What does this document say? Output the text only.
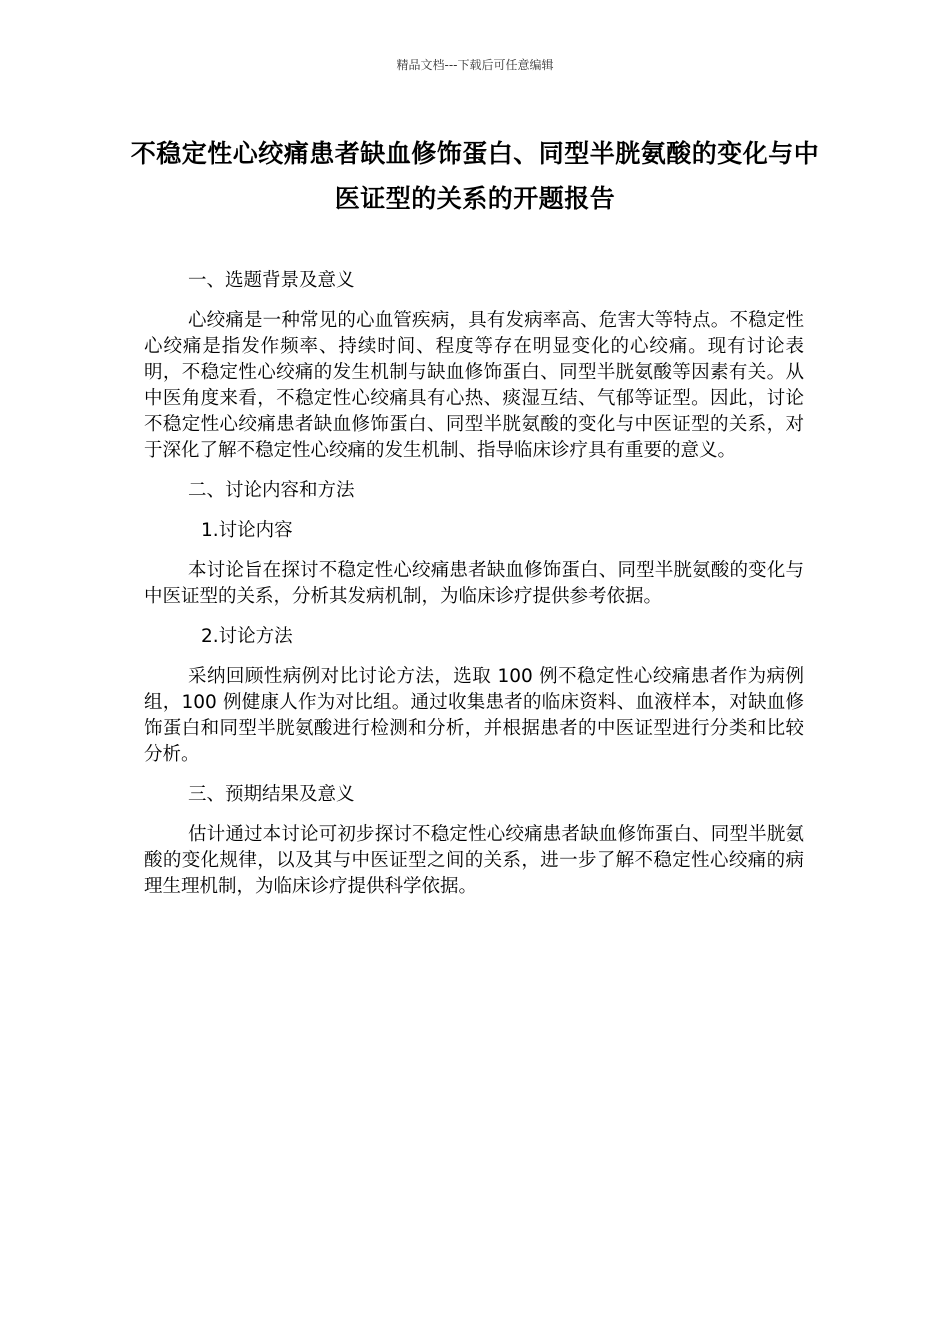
精品文档---下载后可任意编辑
不稳定性心绞痛患者缺血修饰蛋白、同型半胱氨酸的变化与中医证型的关系的开题报告

一、选题背景及意义

心绞痛是一种常见的心血管疾病，具有发病率高、危害大等特点。不稳定性心绞痛是指发作频率、持续时间、程度等存在明显变化的心绞痛。现有讨论表明，不稳定性心绞痛的发生机制与缺血修饰蛋白、同型半胱氨酸等因素有关。从中医角度来看，不稳定性心绞痛具有心热、痰湿互结、气郁等证型。因此，讨论不稳定性心绞痛患者缺血修饰蛋白、同型半胱氨酸的变化与中医证型的关系，对于深化了解不稳定性心绞痛的发生机制、指导临床诊疗具有重要的意义。

二、讨论内容和方法

1.讨论内容

本讨论旨在探讨不稳定性心绞痛患者缺血修饰蛋白、同型半胱氨酸的变化与中医证型的关系，分析其发病机制，为临床诊疗提供参考依据。

2.讨论方法

采纳回顾性病例对比讨论方法，选取 100 例不稳定性心绞痛患者作为病例组，100 例健康人作为对比组。通过收集患者的临床资料、血液样本，对缺血修饰蛋白和同型半胱氨酸进行检测和分析，并根据患者的中医证型进行分类和比较分析。

三、预期结果及意义

估计通过本讨论可初步探讨不稳定性心绞痛患者缺血修饰蛋白、同型半胱氨酸的变化规律，以及其与中医证型之间的关系，进一步了解不稳定性心绞痛的病理生理机制，为临床诊疗提供科学依据。
